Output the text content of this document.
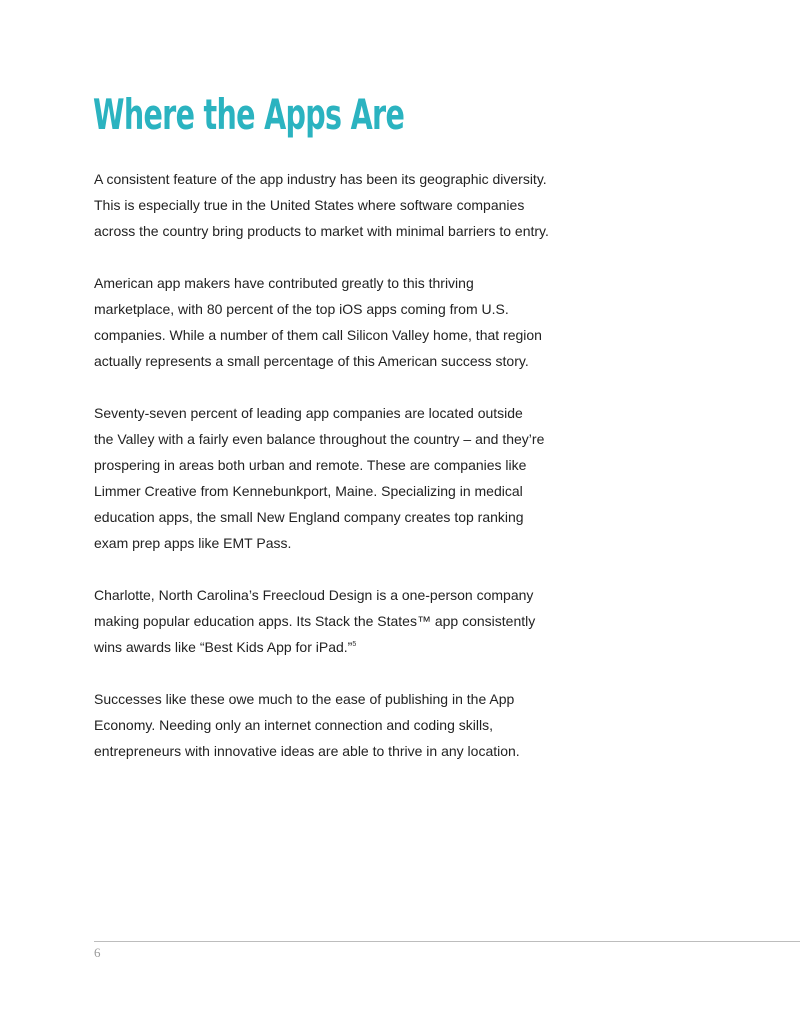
Where the Apps Are

A consistent feature of the app industry has been its geographic diversity.
This is especially true in the United States where software companies
across the country bring products to market with minimal barriers to entry.

American app makers have contributed greatly to this thriving
marketplace, with 80 percent of the top iOS apps coming from U.S.
companies. While a number of them call Silicon Valley home, that region
actually represents a small percentage of this American success story.

Seventy-seven percent of leading app companies are located outside
the Valley with a fairly even balance throughout the country – and they’re
prospering in areas both urban and remote. These are companies like
Limmer Creative from Kennebunkport, Maine. Specializing in medical
education apps, the small New England company creates top ranking
exam prep apps like EMT Pass.

Charlotte, North Carolina’s Freecloud Design is a one-person company
making popular education apps. Its Stack the States™ app consistently
wins awards like “Best Kids App for iPad.”$^5$

Successes like these owe much to the ease of publishing in the App
Economy. Needing only an internet connection and coding skills,
entrepreneurs with innovative ideas are able to thrive in any location.

6
